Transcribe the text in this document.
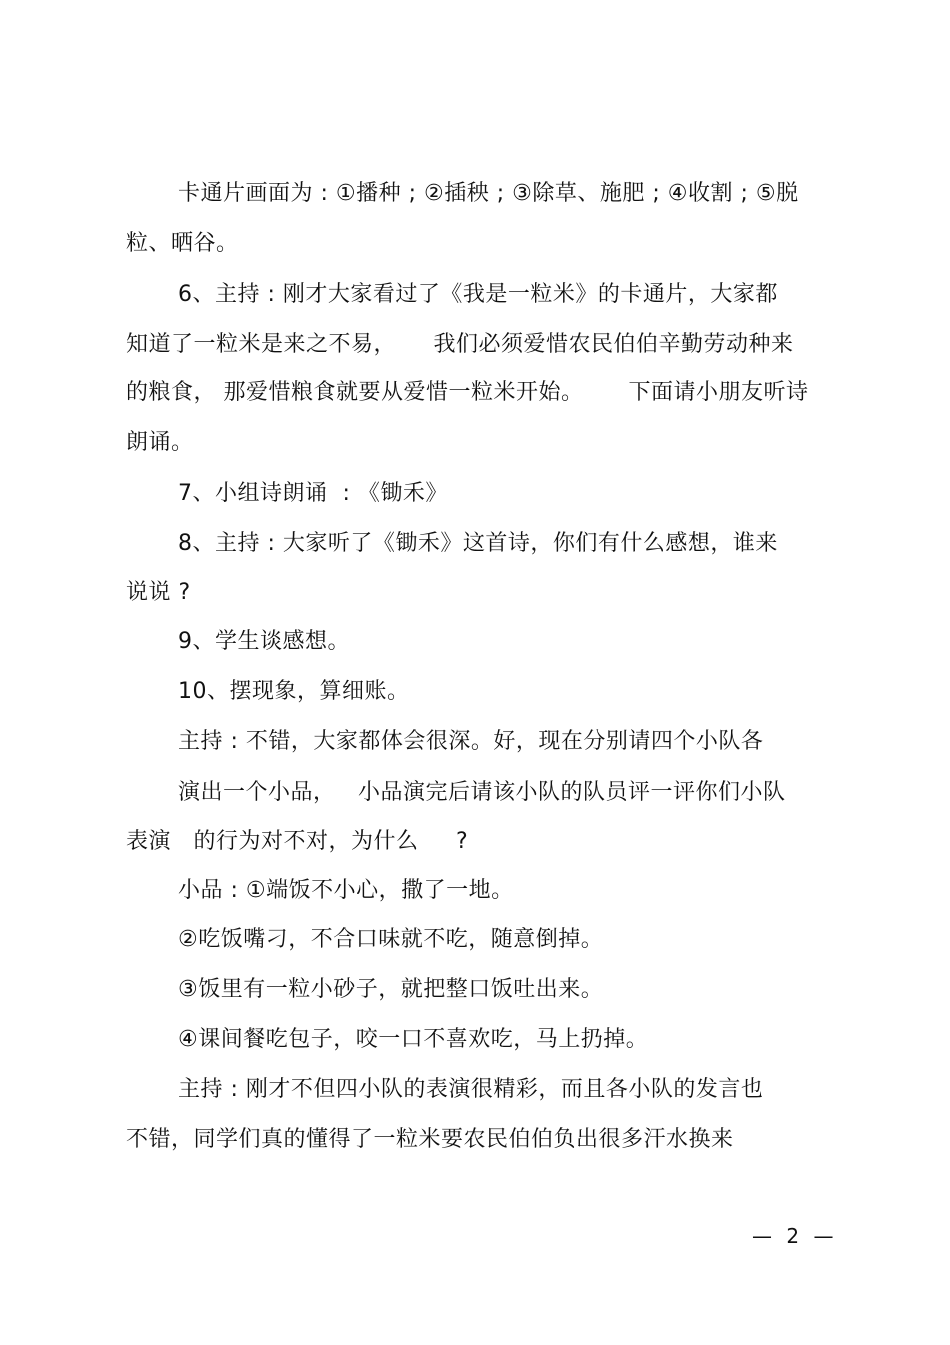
卡通片画面为 : ①播种 ; ②插秧 ; ③除草、施肥 ; ④收割 ; ⑤脱
粒、晒谷。
6、主持 : 刚才大家看过了《我是一粒米》的卡通片，大家都
知道了一粒米是来之不易，     我们必须爱惜农民伯伯辛勤劳动种来
的粮食， 那爱惜粮食就要从爱惜一粒米开始。      下面请小朋友听诗
朗诵。
7、小组诗朗诵  : 《锄禾》
8、主持 : 大家听了《锄禾》这首诗，你们有什么感想，谁来
说说 ?
9、学生谈感想。
10、摆现象，算细账。
主持 : 不错，大家都体会很深。好，现在分别请四个小队各
演出一个小品，   小品演完后请该小队的队员评一评你们小队
表演   的行为对不对，为什么     ?
小品 : ①端饭不小心，撒了一地。
②吃饭嘴刁，不合口味就不吃，随意倒掉。
③饭里有一粒小砂子，就把整口饭吐出来。
④课间餐吃包子，咬一口不喜欢吃，马上扔掉。
主持 : 刚才不但四小队的表演很精彩，而且各小队的发言也
不错，同学们真的懂得了一粒米要农民伯伯负出很多汗水换来
— 2 —
